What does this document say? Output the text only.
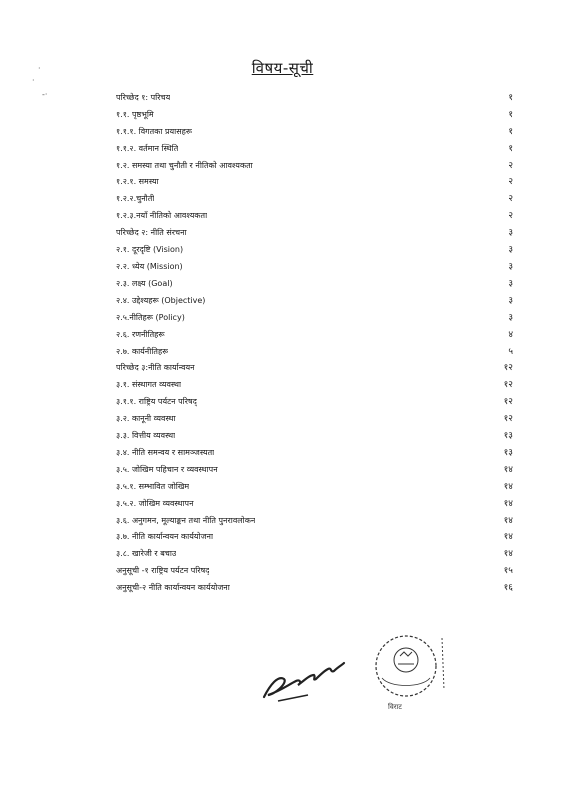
·
·
-·
विषय-सूची
परिच्छेद १: परिचय	१
१.१. पृष्ठभूमि	१
१.१.१. विगतका प्रयासहरू	१
१.१.२. वर्तमान स्थिति	१
१.२. समस्या तथा चुनौती र नीतिको आवश्यकता	२
१.२.१. समस्या	२
१.२.२.चुनौती	२
१.२.३.नयाँ नीतिको आवश्यकता	२
परिच्छेद २: नीति संरचना	३
२.१. दूरदृष्टि (Vision)	३
२.२. ध्येय (Mission)	३
२.३. लक्ष्य (Goal)	३
२.४. उद्देश्यहरू (Objective)	३
२.५.नीतिहरू (Policy)	३
२.६. रणनीतिहरू	४
२.७. कार्यनीतिहरू	५
परिच्छेद ३:नीति कार्यान्वयन	१२
३.१. संस्थागत व्यवस्था	१२
३.१.१. राष्ट्रिय पर्यटन परिषद्	१२
३.२. कानूनी व्यवस्था	१२
३.३. वित्तीय व्यवस्था	१३
३.४. नीति समन्वय र सामञ्जस्यता	१३
३.५. जोखिम पहिचान र व्यवस्थापन	१४
३.५.१. सम्भावित जोखिम	१४
३.५.२. जोखिम व्यवस्थापन	१४
३.६. अनुगमन, मूल्याङ्कन तथा नीति पुनरावलोकन	१४
३.७. नीति कार्यान्वयन कार्ययोजना	१४
३.८. खारेजी र बचाउ	१४
अनुसूची -१ राष्ट्रिय पर्यटन परिषद्	१५
अनुसूची-२ नीति कार्यान्वयन कार्ययोजना	१६
विराट
